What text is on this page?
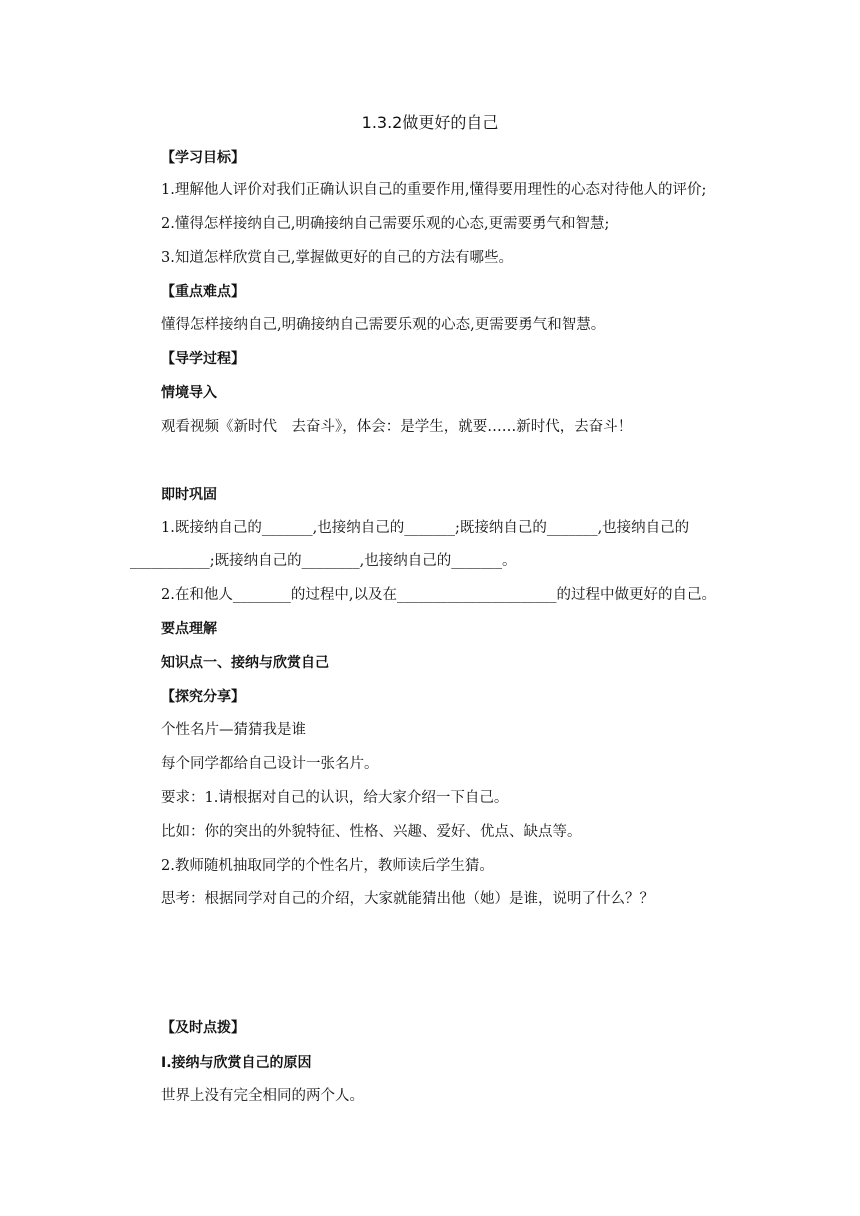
1.3.2做更好的自己
【学习目标】
1.理解他人评价对我们正确认识自己的重要作用,懂得要用理性的心态对待他人的评价;
2.懂得怎样接纳自己,明确接纳自己需要乐观的心态,更需要勇气和智慧;
3.知道怎样欣赏自己,掌握做更好的自己的方法有哪些。
【重点难点】
懂得怎样接纳自己,明确接纳自己需要乐观的心态,更需要勇气和智慧。
【导学过程】
情境导入
观看视频《新时代　去奋斗》，体会：是学生，就要……新时代，去奋斗！
即时巩固
1.既接纳自己的_______,也接纳自己的_______;既接纳自己的_______,也接纳自己的
___________;既接纳自己的________,也接纳自己的_______。
2.在和他人________的过程中,以及在______________________的过程中做更好的自己。
要点理解
知识点一、接纳与欣赏自己
【探究分享】
个性名片—猜猜我是谁
每个同学都给自己设计一张名片。
要求：1.请根据对自己的认识，给大家介绍一下自己。
比如：你的突出的外貌特征、性格、兴趣、爱好、优点、缺点等。
2.教师随机抽取同学的个性名片，教师读后学生猜。
思考：根据同学对自己的介绍，大家就能猜出他（她）是谁，说明了什么？？
【及时点拨】
Ⅰ.接纳与欣赏自己的原因
世界上没有完全相同的两个人。
